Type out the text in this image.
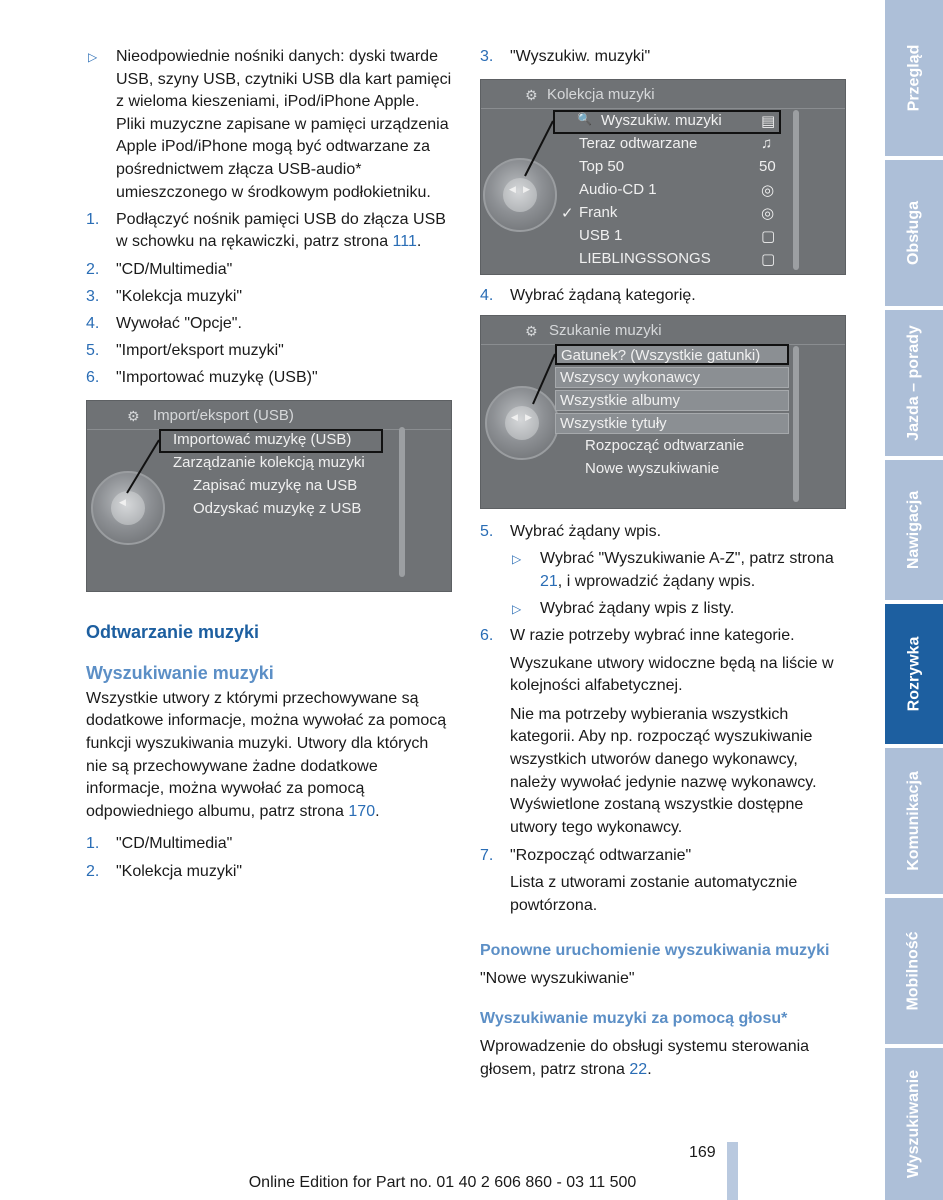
▷ Nieodpowiednie nośniki danych: dyski twarde USB, szyny USB, czytniki USB dla kart pamięci z wieloma kieszeniami, iPod/iPhone Apple. Pliki muzyczne zapisane w pamięci urządzenia Apple iPod/iPhone mogą być odtwarzane za pośrednictwem złącza USB-audio* umieszczonego w środkowym podłokietniku.
1. Podłączyć nośnik pamięci USB do złącza USB w schowku na rękawiczki, patrz strona 111.
2. "CD/Multimedia"
3. "Kolekcja muzyki"
4. Wywołać "Opcje".
5. "Import/eksport muzyki"
6. "Importować muzykę (USB)"
⚙ Import/eksport (USB)
◀
Importować muzykę (USB)
Zarządzanie kolekcją muzyki
Zapisać muzykę na USB
Odzyskać muzykę z USB

Odtwarzanie muzyki

Wyszukiwanie muzyki

Wszystkie utwory z którymi przechowywane są dodatkowe informacje, można wywołać za pomocą funkcji wyszukiwania muzyki. Utwory dla których nie są przechowywane żadne dodatkowe informacje, można wywołać za pomocą odpowiedniego albumu, patrz strona 170.

1. "CD/Multimedia"
2. "Kolekcja muzyki"
3. "Wyszukiw. muzyki"
⚙ Kolekcja muzyki
◀ ▶
🔍 Wyszukiw. muzyki	▤
Teraz odtwarzane	♫
Top 50	50
Audio-CD 1	◎
✓ Frank	◎
USB 1	▢
LIEBLINGSSONGS	▢
4. Wybrać żądaną kategorię.
⚙ Szukanie muzyki
◀ ▶
Gatunek? (Wszystkie gatunki)
Wszyscy wykonawcy
Wszystkie albumy
Wszystkie tytuły
Rozpocząć odtwarzanie
Nowe wyszukiwanie
5. Wybrać żądany wpis.
▷ Wybrać "Wyszukiwanie A-Z", patrz strona 21, i wprowadzić żądany wpis.
▷ Wybrać żądany wpis z listy.
6. W razie potrzeby wybrać inne kategorie.

Wyszukane utwory widoczne będą na liście w kolejności alfabetycznej.

Nie ma potrzeby wybierania wszystkich kategorii. Aby np. rozpocząć wyszukiwanie wszystkich utworów danego wykonawcy, należy wywołać jedynie nazwę wykonawcy. Wyświetlone zostaną wszystkie dostępne utwory tego wykonawcy.

7. "Rozpocząć odtwarzanie"

Lista z utworami zostanie automatycznie powtórzona.

Ponowne uruchomienie wyszukiwania muzyki

"Nowe wyszukiwanie"

Wyszukiwanie muzyki za pomocą głosu*

Wprowadzenie do obsługi systemu sterowania głosem, patrz strona 22.

Przegląd
Obsługa
Jazda – porady
Nawigacja
Rozrywka
Komunikacja
Mobilność
Wyszukiwanie
169
Online Edition for Part no. 01 40 2 606 860 - 03 11 500
